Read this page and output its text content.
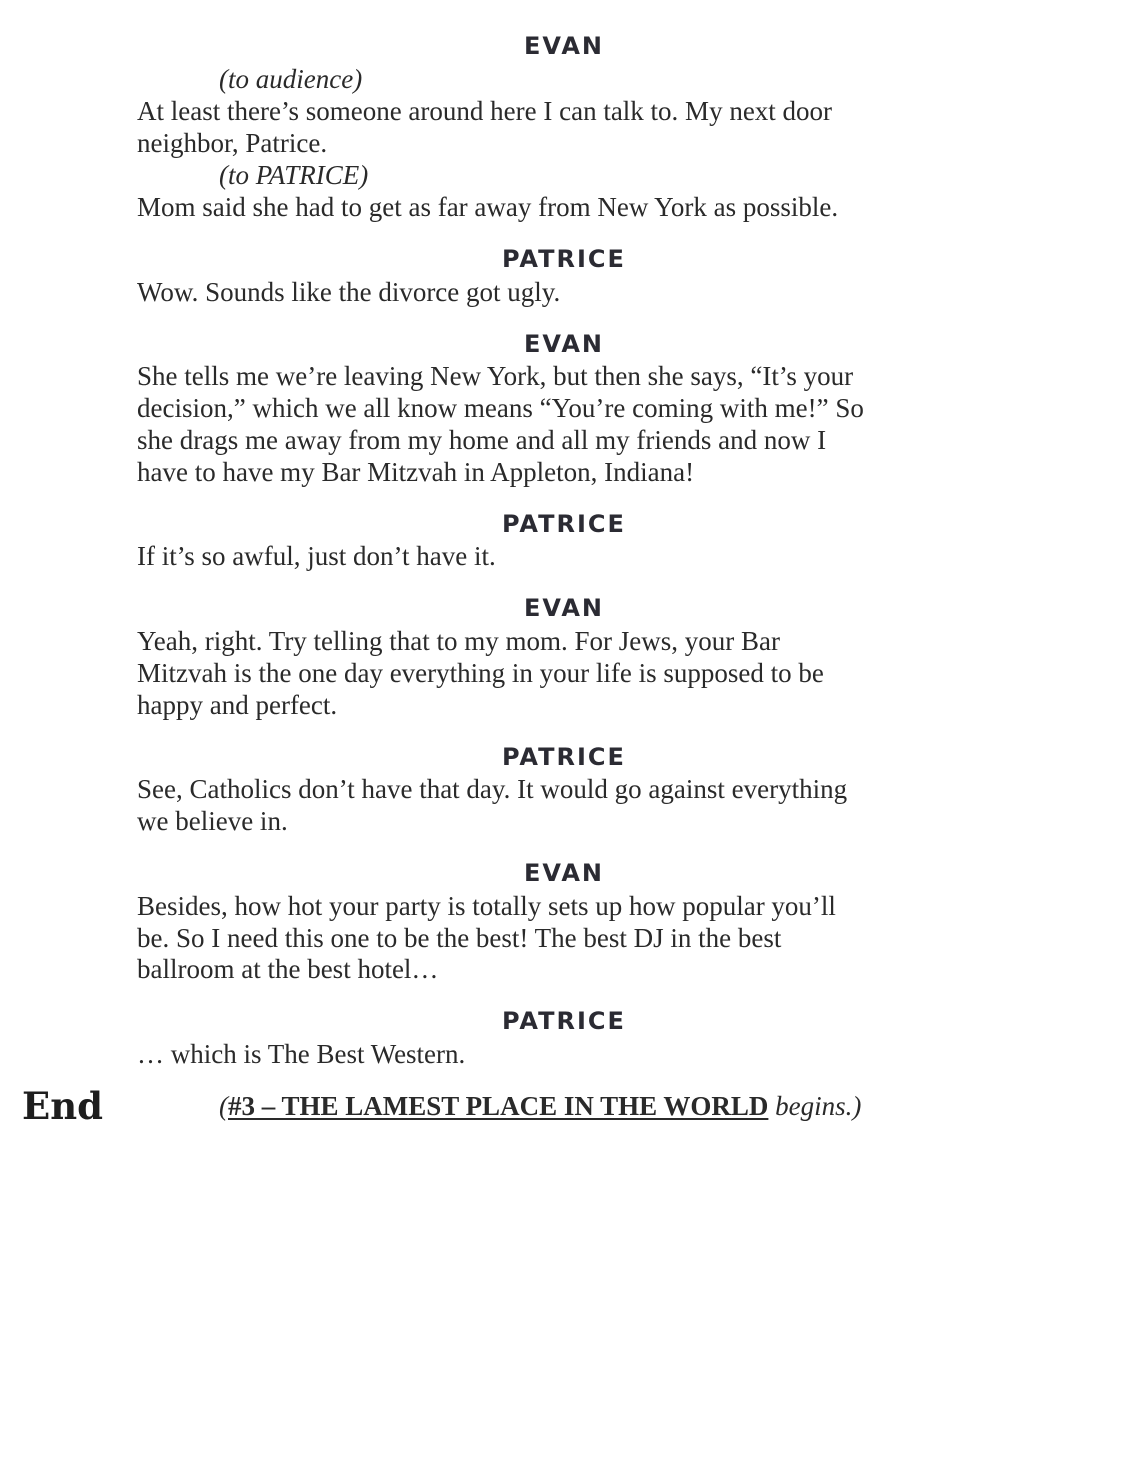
EVAN
(to audience)
At least there’s someone around here I can talk to. My next door
neighbor, Patrice.
(to PATRICE)
Mom said she had to get as far away from New York as possible.
PATRICE
Wow. Sounds like the divorce got ugly.
EVAN
She tells me we’re leaving New York, but then she says, “It’s your
decision,” which we all know means “You’re coming with me!” So
she drags me away from my home and all my friends and now I
have to have my Bar Mitzvah in Appleton, Indiana!
PATRICE
If it’s so awful, just don’t have it.
EVAN
Yeah, right. Try telling that to my mom. For Jews, your Bar
Mitzvah is the one day everything in your life is supposed to be
happy and perfect.
PATRICE
See, Catholics don’t have that day. It would go against everything
we believe in.
EVAN
Besides, how hot your party is totally sets up how popular you’ll
be. So I need this one to be the best! The best DJ in the best
ballroom at the best hotel…
PATRICE
… which is The Best Western.
End	(#3 – THE LAMEST PLACE IN THE WORLD begins.)
